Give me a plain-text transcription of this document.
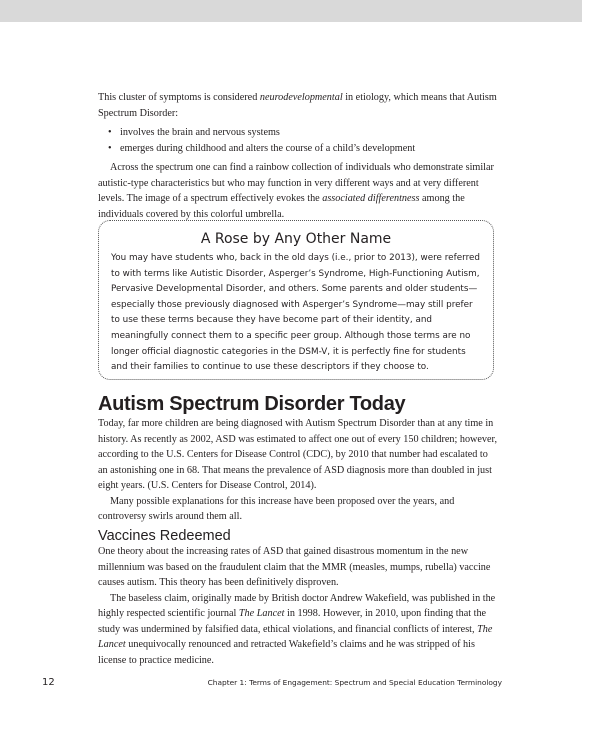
This cluster of symptoms is considered neurodevelopmental in etiology, which means that Autism Spectrum Disorder:

• involves the brain and nervous systems
• emerges during childhood and alters the course of a child’s development

Across the spectrum one can find a rainbow collection of individuals who demonstrate similar autistic-type characteristics but who may function in very different ways and at very different levels. The image of a spectrum effectively evokes the associated differentness among the individuals covered by this colorful umbrella.

A Rose by Any Other Name

You may have students who, back in the old days (i.e., prior to 2013), were referred to with terms like Autistic Disorder, Asperger’s Syndrome, High-Functioning Autism, Pervasive Developmental Disorder, and others. Some parents and older students—especially those previously diagnosed with Asperger’s Syndrome—may still prefer to use these terms because they have become part of their identity, and meaningfully connect them to a specific peer group. Although those terms are no longer official diagnostic categories in the DSM-V, it is perfectly fine for students and their families to continue to use these descriptors if they choose to.

Autism Spectrum Disorder Today

Today, far more children are being diagnosed with Autism Spectrum Disorder than at any time in history. As recently as 2002, ASD was estimated to affect one out of every 150 children; however, according to the U.S. Centers for Disease Control (CDC), by 2010 that number had escalated to an astonishing one in 68. That means the prevalence of ASD diagnosis more than doubled in just eight years. (U.S. Centers for Disease Control, 2014).

Many possible explanations for this increase have been proposed over the years, and controversy swirls around them all.

Vaccines Redeemed

One theory about the increasing rates of ASD that gained disastrous momentum in the new millennium was based on the fraudulent claim that the MMR (measles, mumps, rubella) vaccine causes autism. This theory has been definitively disproven.

The baseless claim, originally made by British doctor Andrew Wakefield, was published in the highly respected scientific journal The Lancet in 1998. However, in 2010, upon finding that the study was undermined by falsified data, ethical violations, and financial conflicts of interest, The Lancet unequivocally renounced and retracted Wakefield’s claims and he was stripped of his license to practice medicine.

12	Chapter 1: Terms of Engagement: Spectrum and Special Education Terminology
